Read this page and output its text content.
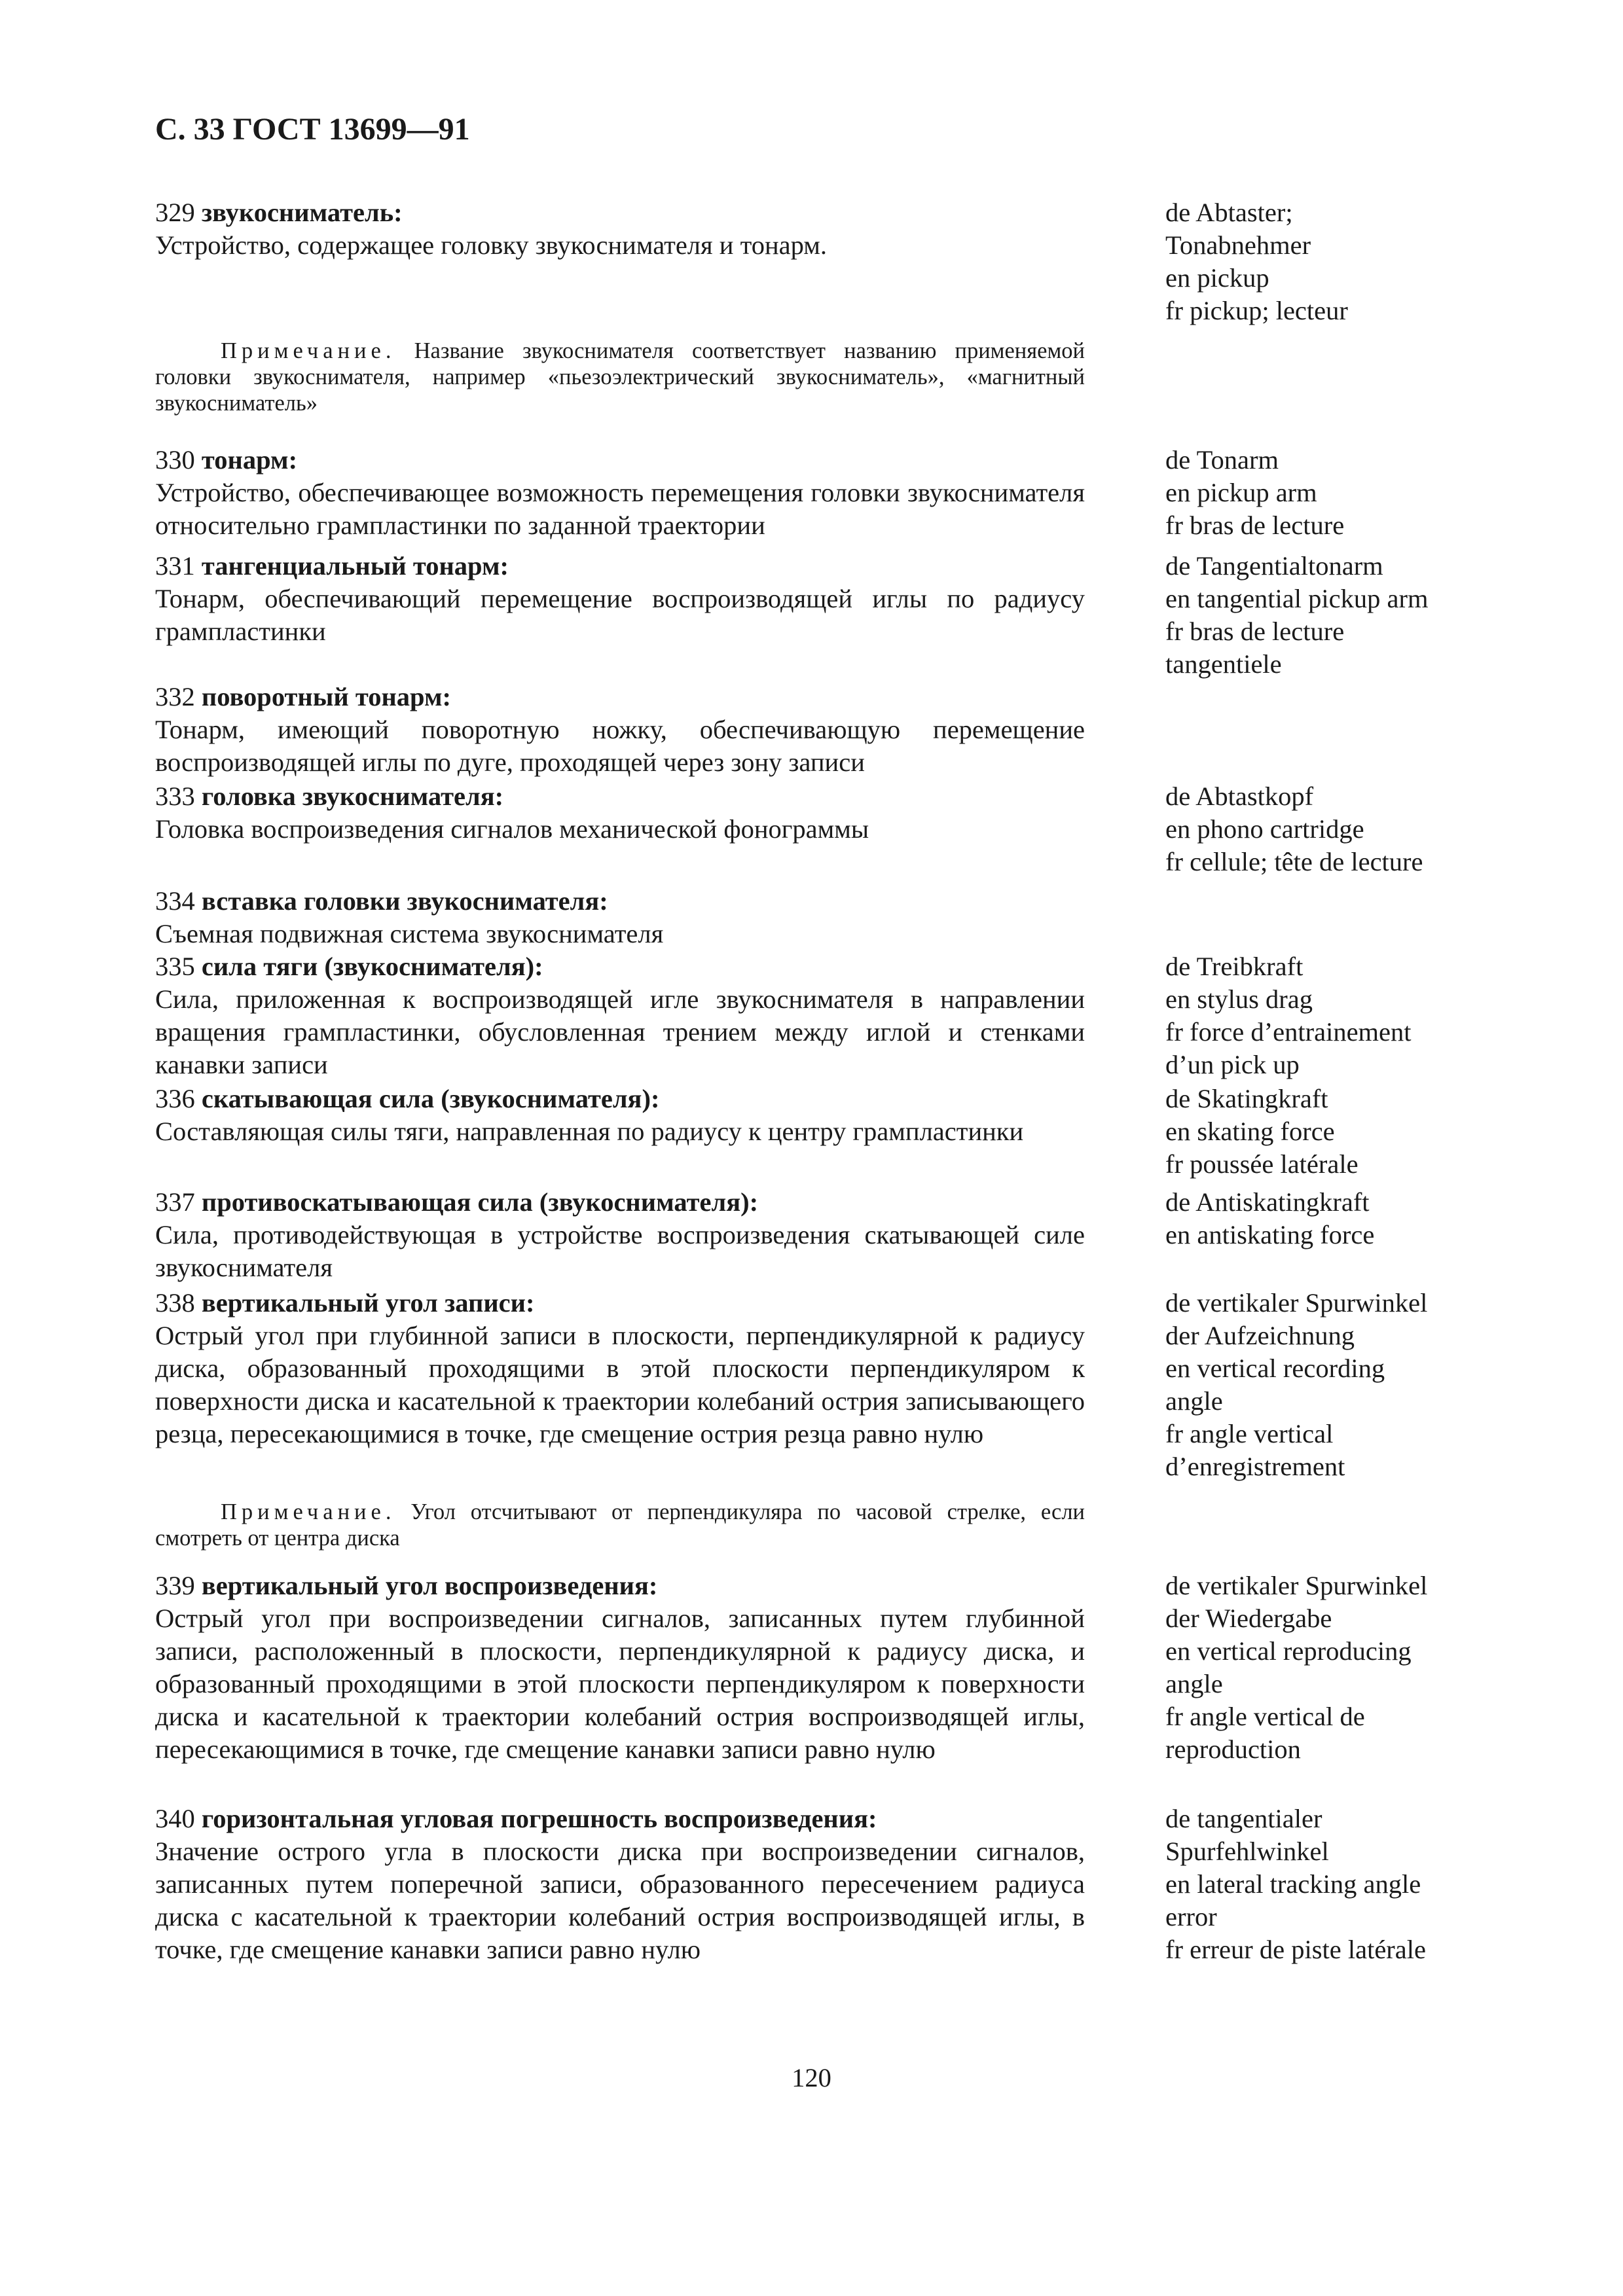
С. 33 ГОСТ 13699—91
329 звукосниматель:
Устройство, содержащее головку звукоснимателя и тонарм.
de Abtaster;
Tonabnehmer
en pickup
fr pickup; lecteur
Примечание. Название звукоснимателя соответствует названию применяемой головки звукоснимателя, например «пьезоэлектрический звукосниматель», «магнитный звукосниматель»
330 тонарм:
Устройство, обеспечивающее возможность перемещения головки звукоснимателя относительно грампластинки по заданной траектории
de Tonarm
en pickup arm
fr bras de lecture
331 тангенциальный тонарм:
Тонарм, обеспечивающий перемещение воспроизводящей иглы по радиусу грампластинки
de Tangentialtonarm
en tangential pickup arm
fr bras de lecture
tangentiele
332 поворотный тонарм:
Тонарм, имеющий поворотную ножку, обеспечивающую перемещение воспроизводящей иглы по дуге, проходящей через зону записи
333 головка звукоснимателя:
Головка воспроизведения сигналов механической фонограммы
de Abtastkopf
en phono cartridge
fr cellule; tête de lecture
334 вставка головки звукоснимателя:
Съемная подвижная система звукоснимателя
335 сила тяги (звукоснимателя):
Сила, приложенная к воспроизводящей игле звукоснимателя в направлении вращения грампластинки, обусловленная трением между иглой и стенками канавки записи
de Treibkraft
en stylus drag
fr force d’entrainement
d’un pick up
336 скатывающая сила (звукоснимателя):
Составляющая силы тяги, направленная по радиусу к центру грампластинки
de Skatingkraft
en skating force
fr poussée latérale
337 противоскатывающая сила (звукоснимателя):
Сила, противодействующая в устройстве воспроизведения скатывающей силе звукоснимателя
de Antiskatingkraft
en antiskating force
338 вертикальный угол записи:
Острый угол при глубинной записи в плоскости, перпендикулярной к радиусу диска, образованный проходящими в этой плоскости перпендикуляром к поверхности диска и касательной к траектории колебаний острия записывающего резца, пересекающимися в точке, где смещение острия резца равно нулю
de vertikaler Spurwinkel
der Aufzeichnung
en vertical recording
angle
fr angle vertical
d’enregistrement
Примечание. Угол отсчитывают от перпендикуляра по часовой стрелке, если смотреть от центра диска
339 вертикальный угол воспроизведения:
Острый угол при воспроизведении сигналов, записанных путем глубинной записи, расположенный в плоскости, перпендикулярной к радиусу диска, и образованный проходящими в этой плоскости перпендикуляром к поверхности диска и касательной к траектории колебаний острия воспроизводящей иглы, пересекающимися в точке, где смещение канавки записи равно нулю
de vertikaler Spurwinkel
der Wiedergabe
en vertical reproducing
angle
fr angle vertical de
reproduction
340 горизонтальная угловая погрешность воспроизведения:
Значение острого угла в плоскости диска при воспроизведении сигналов, записанных путем поперечной записи, образованного пересечением радиуса диска с касательной к траектории колебаний острия воспроизводящей иглы, в точке, где смещение канавки записи равно нулю
de tangentialer
Spurfehlwinkel
en lateral tracking angle
error
fr erreur de piste latérale
120
